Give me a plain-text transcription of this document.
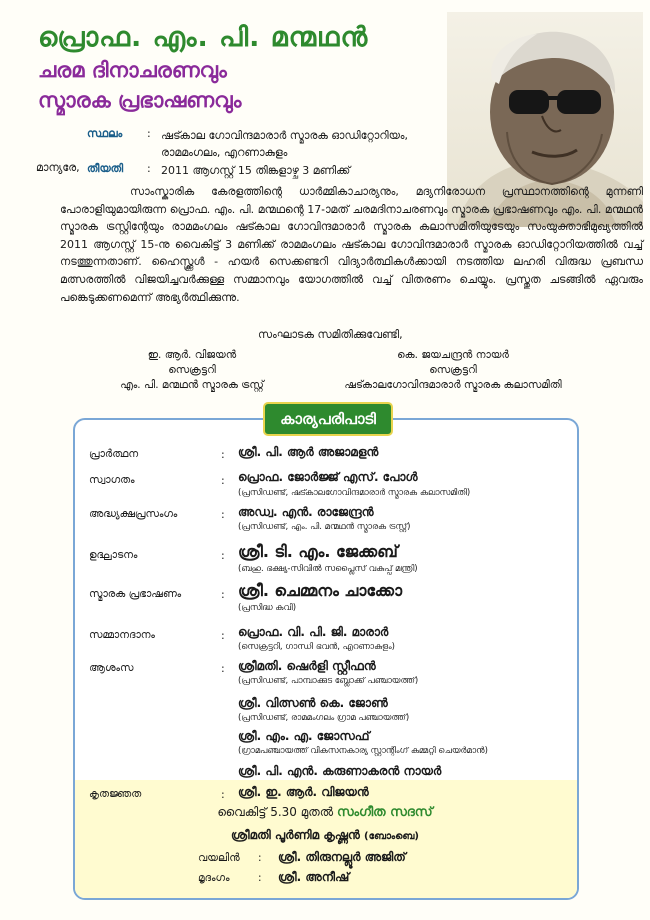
പ്രൊഫ. എം. പി. മന്മഥൻ
ചരമ ദിനാചരണവും
സ്മാരക പ്രഭാഷണവും
സ്ഥലം : ഷട്കാല ഗോവിന്ദമാരാർ സ്മാരക ഓഡിറ്റോറിയം,
രാമമംഗലം, എറണാകുളം
തീയതി : 2011 ആഗസ്റ്റ് 15 തിങ്കളാഴ്ച 3 മണിക്ക്
മാന്യരേ,
സാംസ്കാരിക കേരളത്തിന്റെ ധാർമ്മികാചാര്യനും, മദ്യനിരോധന പ്രസ്ഥാനത്തിന്റെ മുന്നണി പോരാളിയുമായിരുന്ന പ്രൊഫ. എം. പി. മന്മഥന്റെ 17-ാമത് ചരമദിനാചരണവും സ്മാരക പ്രഭാഷണവും എം. പി. മന്മഥൻ സ്മാരക ട്രസ്റ്റിന്റേയും രാമമംഗലം ഷട്കാല ഗോവിന്ദമാരാർ സ്മാരക കലാസമിതിയുടേയും സംയുക്താഭിമുഖ്യത്തിൽ 2011 ആഗസ്റ്റ് 15-നു വൈകിട്ട് 3 മണിക്ക് രാമമംഗലം ഷട്കാല ഗോവിന്ദമാരാർ സ്മാരക ഓഡിറ്റോറിയത്തിൽ വച്ച് നടത്തുന്നതാണ്. ഹൈസ്ക്കൂൾ - ഹയർ സെക്കണ്ടറി വിദ്യാർത്ഥികൾക്കായി നടത്തിയ ലഹരി വിരുദ്ധ പ്രബന്ധ മത്സരത്തിൽ വിജയിച്ചവർക്കുള്ള സമ്മാനവും യോഗത്തിൽ വച്ച് വിതരണം ചെയ്യും. പ്രസ്തുത ചടങ്ങിൽ ഏവരും പങ്കെടുക്കണമെന്ന് അഭ്യർത്ഥിക്കുന്നു.
സംഘാടക സമിതിക്കുവേണ്ടി,
ഇ. ആർ. വിജയൻ
സെക്രട്ടറി
എം. പി. മന്മഥൻ സ്മാരക ട്രസ്റ്റ്
കെ. ജയചന്ദ്രൻ നായർ
സെക്രട്ടറി
ഷട്കാലഗോവിന്ദമാരാർ സ്മാരക കലാസമിതി
കാര്യപരിപാടി
പ്രാർത്ഥന	: ശ്രീ. പി. ആർ അജാമളൻ
സ്വാഗതം	: പ്രൊഫ. ജോർജ്ജ് എസ്. പോൾ
(പ്രസിഡണ്ട്, ഷട്കാലഗോവിന്ദമാരാർ സ്മാരക കലാസമിതി)
അദ്ധ്യക്ഷപ്രസംഗം	: അഡ്വ. എൻ. രാജേന്ദ്രൻ
(പ്രസിഡണ്ട്, എം. പി. മന്മഥൻ സ്മാരക ട്രസ്റ്റ്)
ഉദ്ഘാടനം	: ശ്രീ. ടി. എം. ജേക്കബ്
(ബഹു. ഭക്ഷ്യ-സിവിൽ സപ്ലൈസ് വകുപ്പ് മന്ത്രി)
സ്മാരക പ്രഭാഷണം	: ശ്രീ. ചെമ്മനം ചാക്കോ
(പ്രസിദ്ധ കവി)
സമ്മാനദാനം	: പ്രൊഫ. വി. പി. ജി. മാരാർ
(സെക്രട്ടറി, ഗാന്ധി ഭവൻ, എറണാകുളം)
ആശംസ	: ശ്രീമതി. ഷെർളി സ്റ്റീഫൻ
(പ്രസിഡണ്ട്, പാമ്പാക്കുട ബ്ലോക്ക് പഞ്ചായത്ത്)
ശ്രീ. വിത്സൺ കെ. ജോൺ
(പ്രസിഡണ്ട്, രാമമംഗലം ഗ്രാമ പഞ്ചായത്ത്)
ശ്രീ. എം. എ. ജോസഫ്
(ഗ്രാമപഞ്ചായത്ത് വികസനകാര്യ സ്റ്റാന്റിംഗ് കമ്മറ്റി ചെയർമാൻ)
ശ്രീ. പി. എൻ. കരുണാകരൻ നായർ
കൃതജ്ഞത	: ശ്രീ. ഇ. ആർ. വിജയൻ
വൈകിട്ട് 5.30 മുതൽ സംഗീത സദസ്
ശ്രീമതി പൂർണിമ കൃഷ്ണൻ (ബോംബെ)
വയലിൻ : ശ്രീ. തിരുനല്ലൂർ അജിത്
മൃദംഗം	: ശ്രീ. അനീഷ്
